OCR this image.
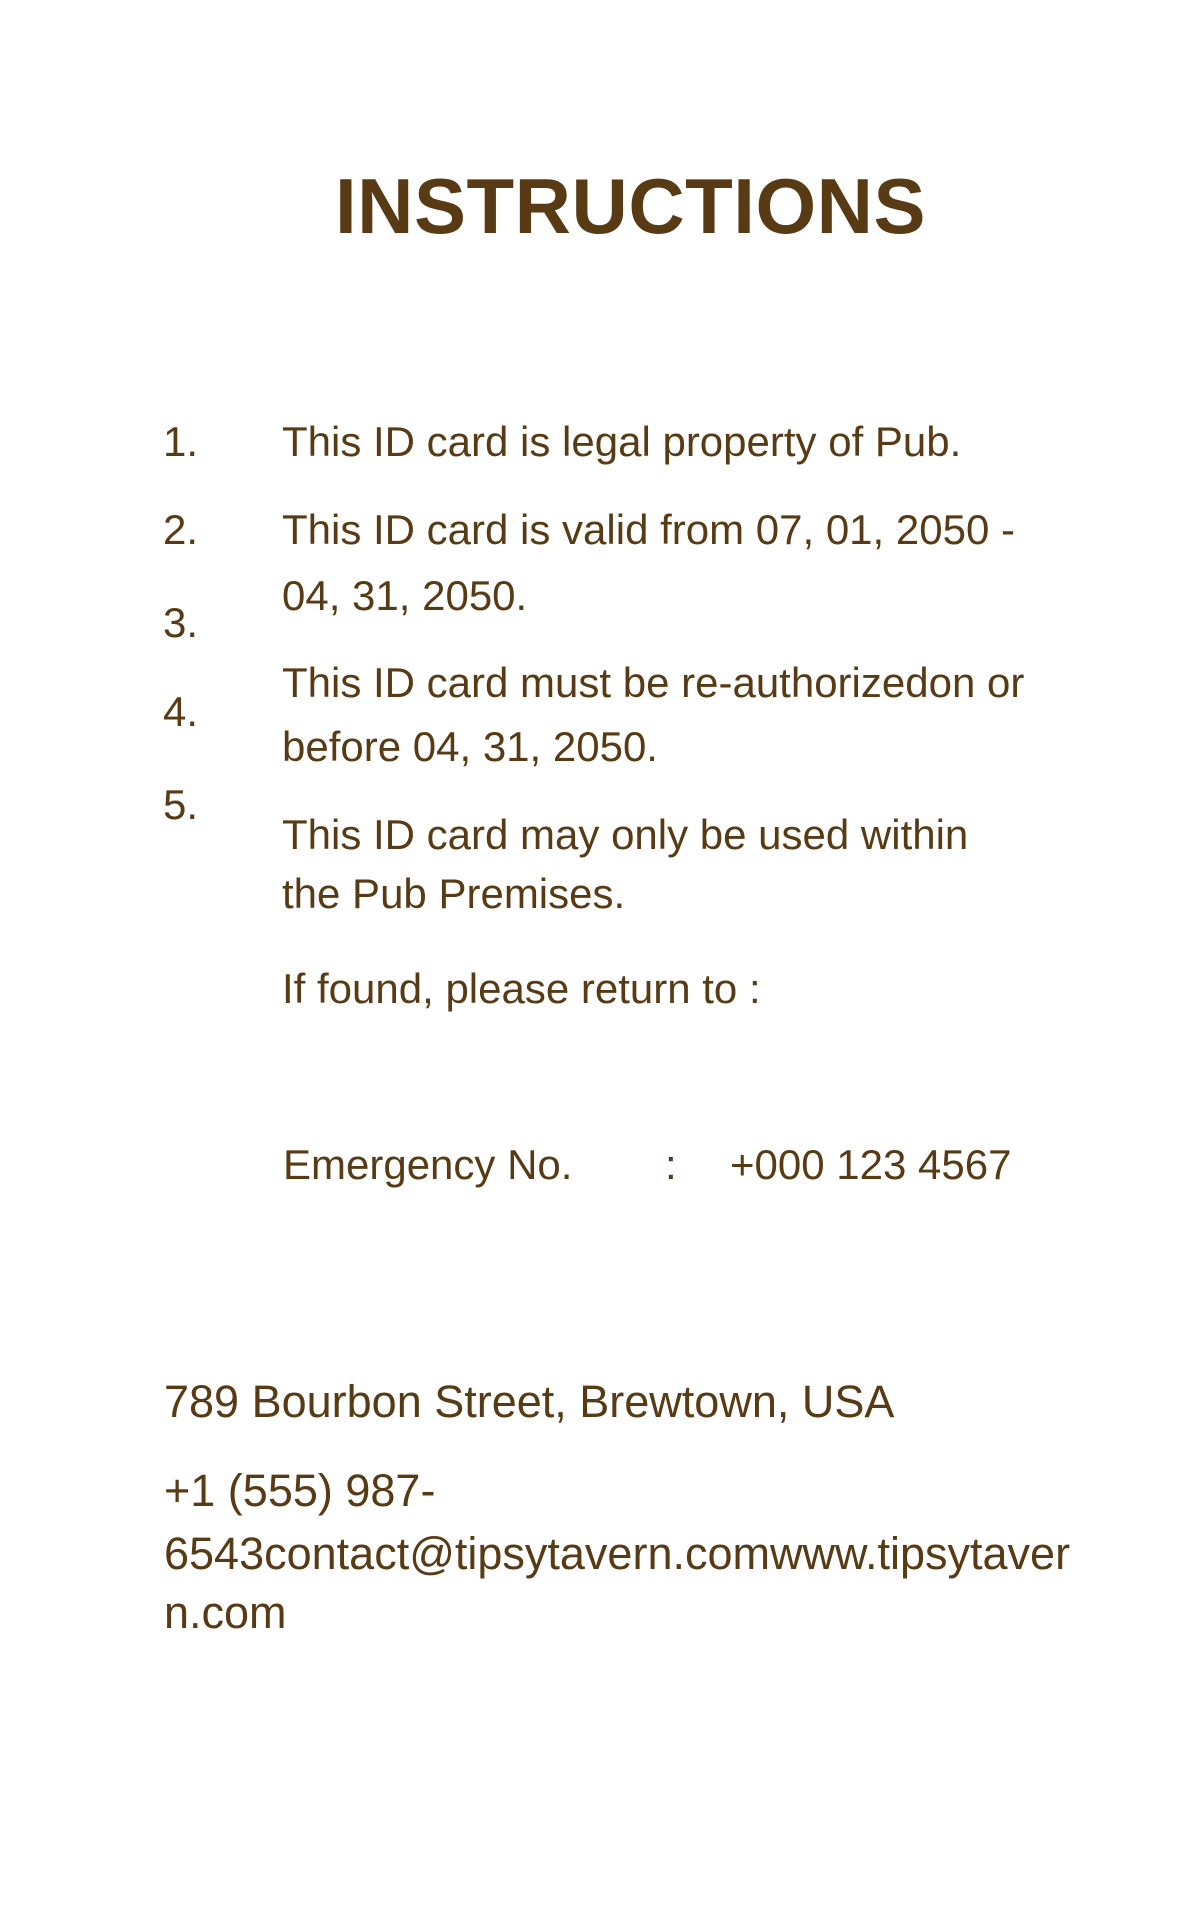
INSTRUCTIONS
1.
2.
3.
4.
5.
This ID card is legal property of Pub.
This ID card is valid from 07, 01, 2050 -
04, 31, 2050.
This ID card must be re-authorizedon or
before 04, 31, 2050.
This ID card may only be used within
the Pub Premises.
If found, please return to :
Emergency No. : +000 123 4567
789 Bourbon Street, Brewtown, USA
+1 (555) 987-
6543contact@tipsytavern.comwww.tipsytaver
n.com
